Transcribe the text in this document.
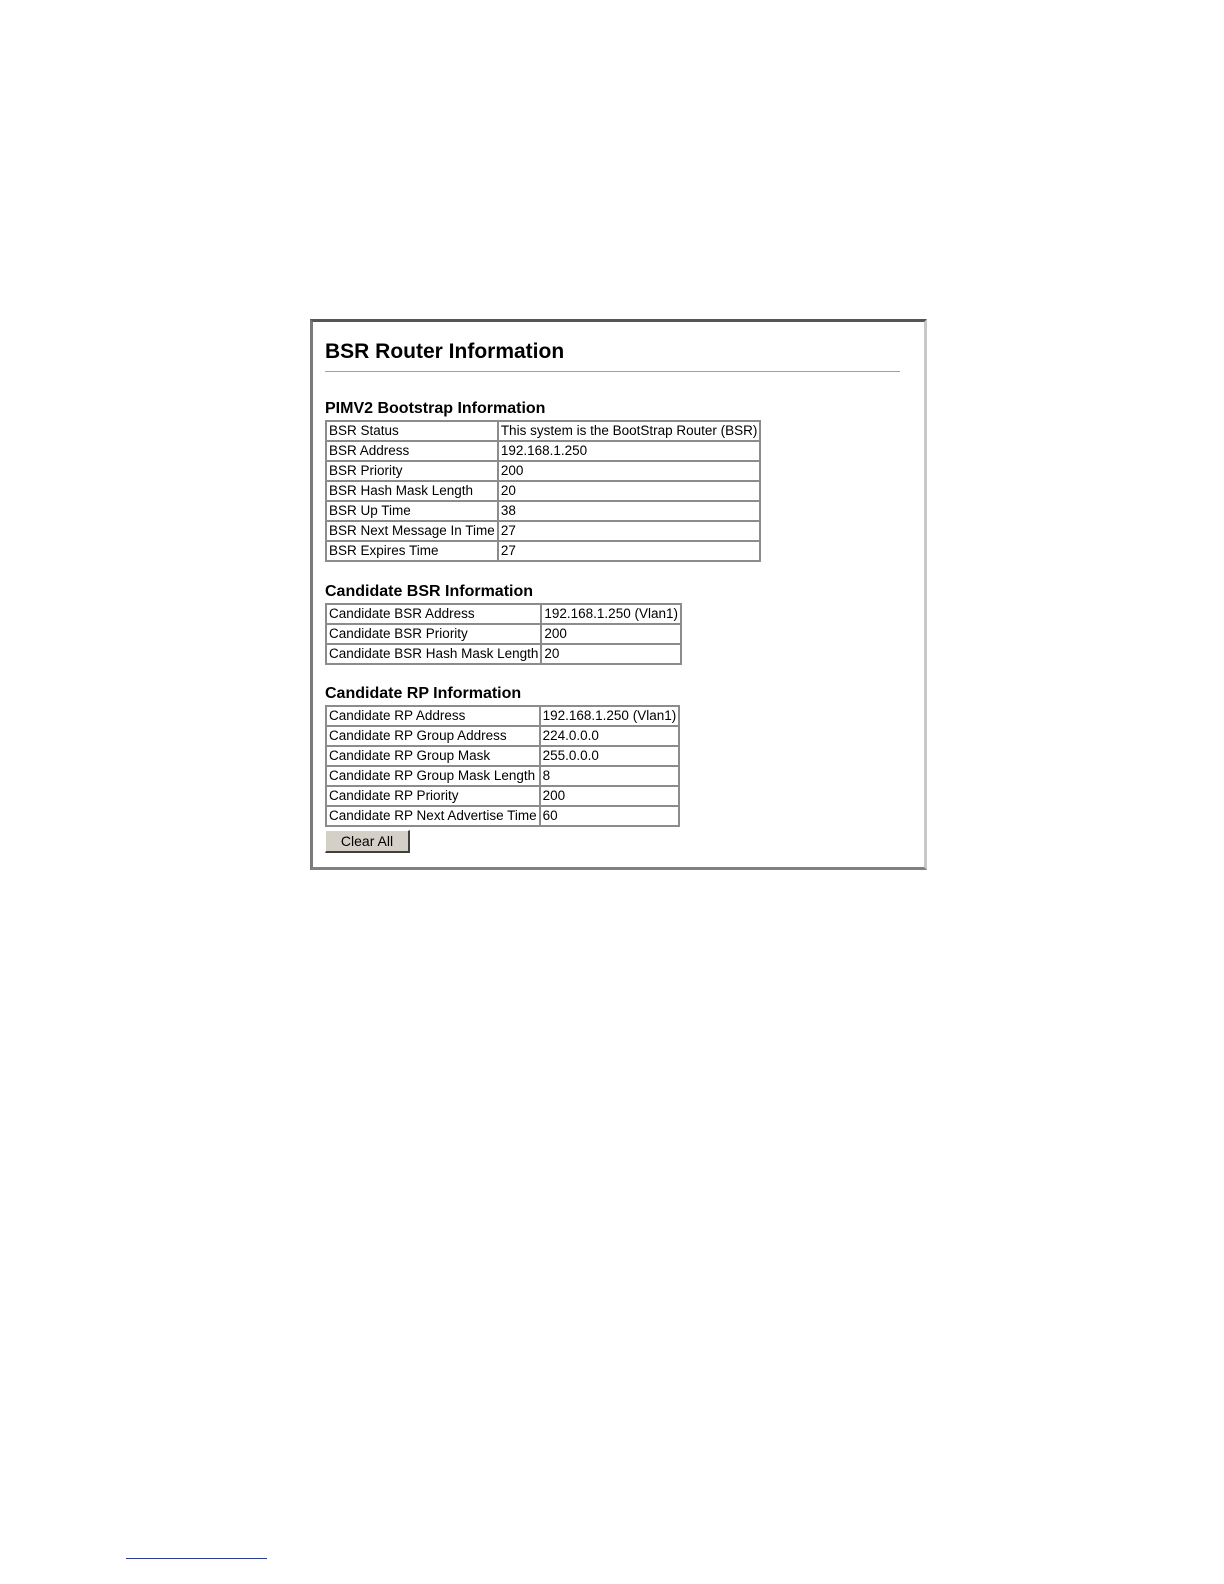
BSR Router Information
PIMV2 Bootstrap Information
BSR Status	This system is the BootStrap Router (BSR)
BSR Address	192.168.1.250
BSR Priority	200
BSR Hash Mask Length	20
BSR Up Time	38
BSR Next Message In Time	27
BSR Expires Time	27
Candidate BSR Information
Candidate BSR Address	192.168.1.250 (Vlan1)
Candidate BSR Priority	200
Candidate BSR Hash Mask Length	20
Candidate RP Information
Candidate RP Address	192.168.1.250 (Vlan1)
Candidate RP Group Address	224.0.0.0
Candidate RP Group Mask	255.0.0.0
Candidate RP Group Mask Length	8
Candidate RP Priority	200
Candidate RP Next Advertise Time	60
Clear All
